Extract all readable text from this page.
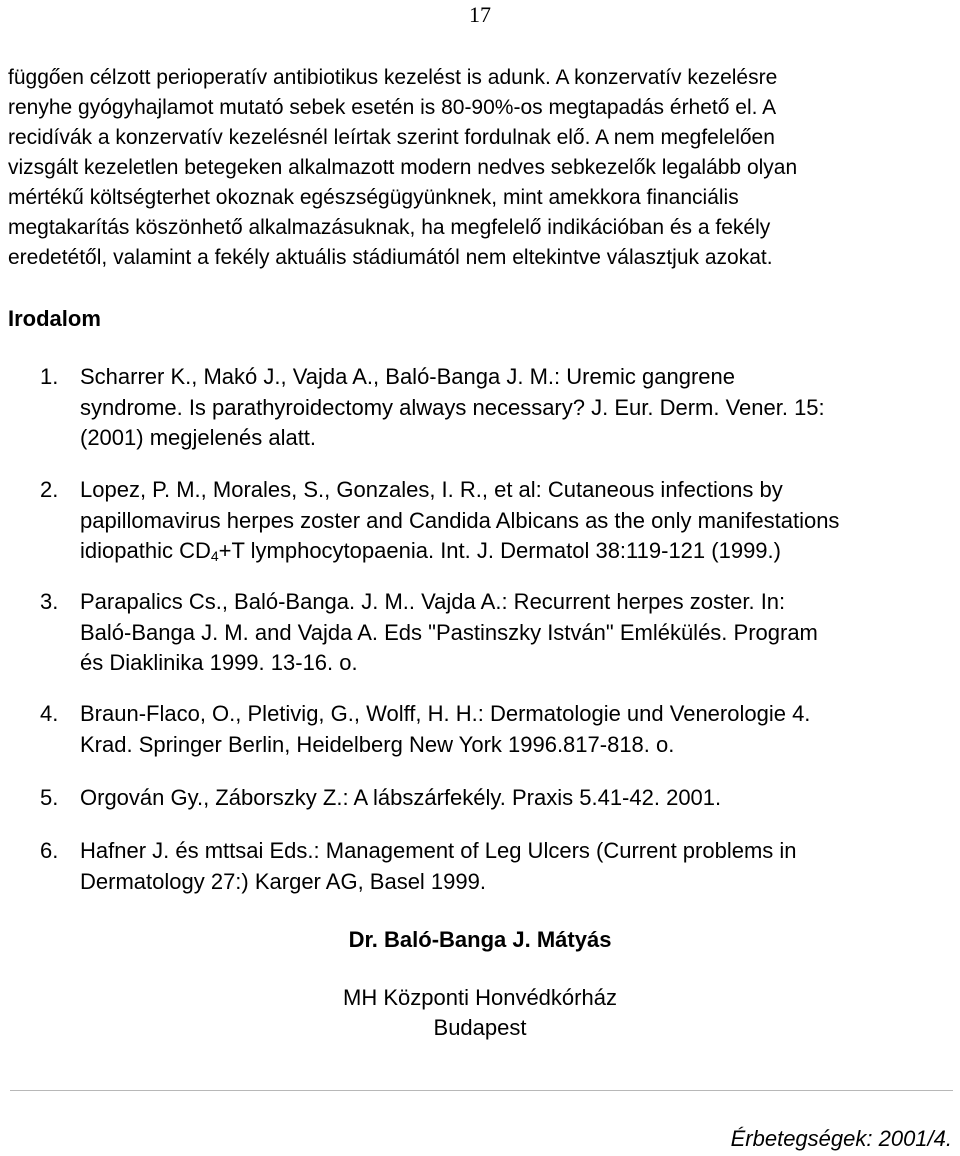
17

függően célzott perioperatív antibiotikus kezelést is adunk. A konzervatív kezelésre
renyhe gyógyhajlamot mutató sebek esetén is 80-90%-os megtapadás érhető el. A
recidívák a konzervatív kezelésnél leírtak szerint fordulnak elő. A nem megfelelően
vizsgált kezeletlen betegeken alkalmazott modern nedves sebkezelők legalább olyan
mértékű költségterhet okoznak egészségügyünknek, mint amekkora financiális
megtakarítás köszönhető alkalmazásuknak, ha megfelelő indikációban és a fekély
eredetétől, valamint a fekély aktuális stádiumától nem eltekintve választjuk azokat.

Irodalom
1. Scharrer K., Makó J., Vajda A., Baló-Banga J. M.: Uremic gangrene
syndrome. Is parathyroidectomy always necessary? J. Eur. Derm. Vener. 15:
(2001) megjelenés alatt.
2. Lopez, P. M., Morales, S., Gonzales, I. R., et al: Cutaneous infections by
papillomavirus herpes zoster and Candida Albicans as the only manifestations
idiopathic $CD_4+T$ lymphocytopaenia. Int. J. Dermatol 38:119-121 (1999.)
3. Parapalics Cs., Baló-Banga. J. M.. Vajda A.: Recurrent herpes zoster. In:
Baló-Banga J. M. and Vajda A. Eds "Pastinszky István" Emlékülés. Program
és Diaklinika 1999. 13-16. o.
4. Braun-Flaco, O., Pletivig, G., Wolff, H. H.: Dermatologie und Venerologie 4.
Krad. Springer Berlin, Heidelberg New York 1996.817-818. o.
5. Orgován Gy., Záborszky Z.: A lábszárfekély. Praxis 5.41-42. 2001.
6. Hafner J. és mttsai Eds.: Management of Leg Ulcers (Current problems in
Dermatology 27:) Karger AG, Basel 1999.
Dr. Baló-Banga J. Mátyás
MH Központi Honvédkórház
Budapest
Érbetegségek: 2001/4.
